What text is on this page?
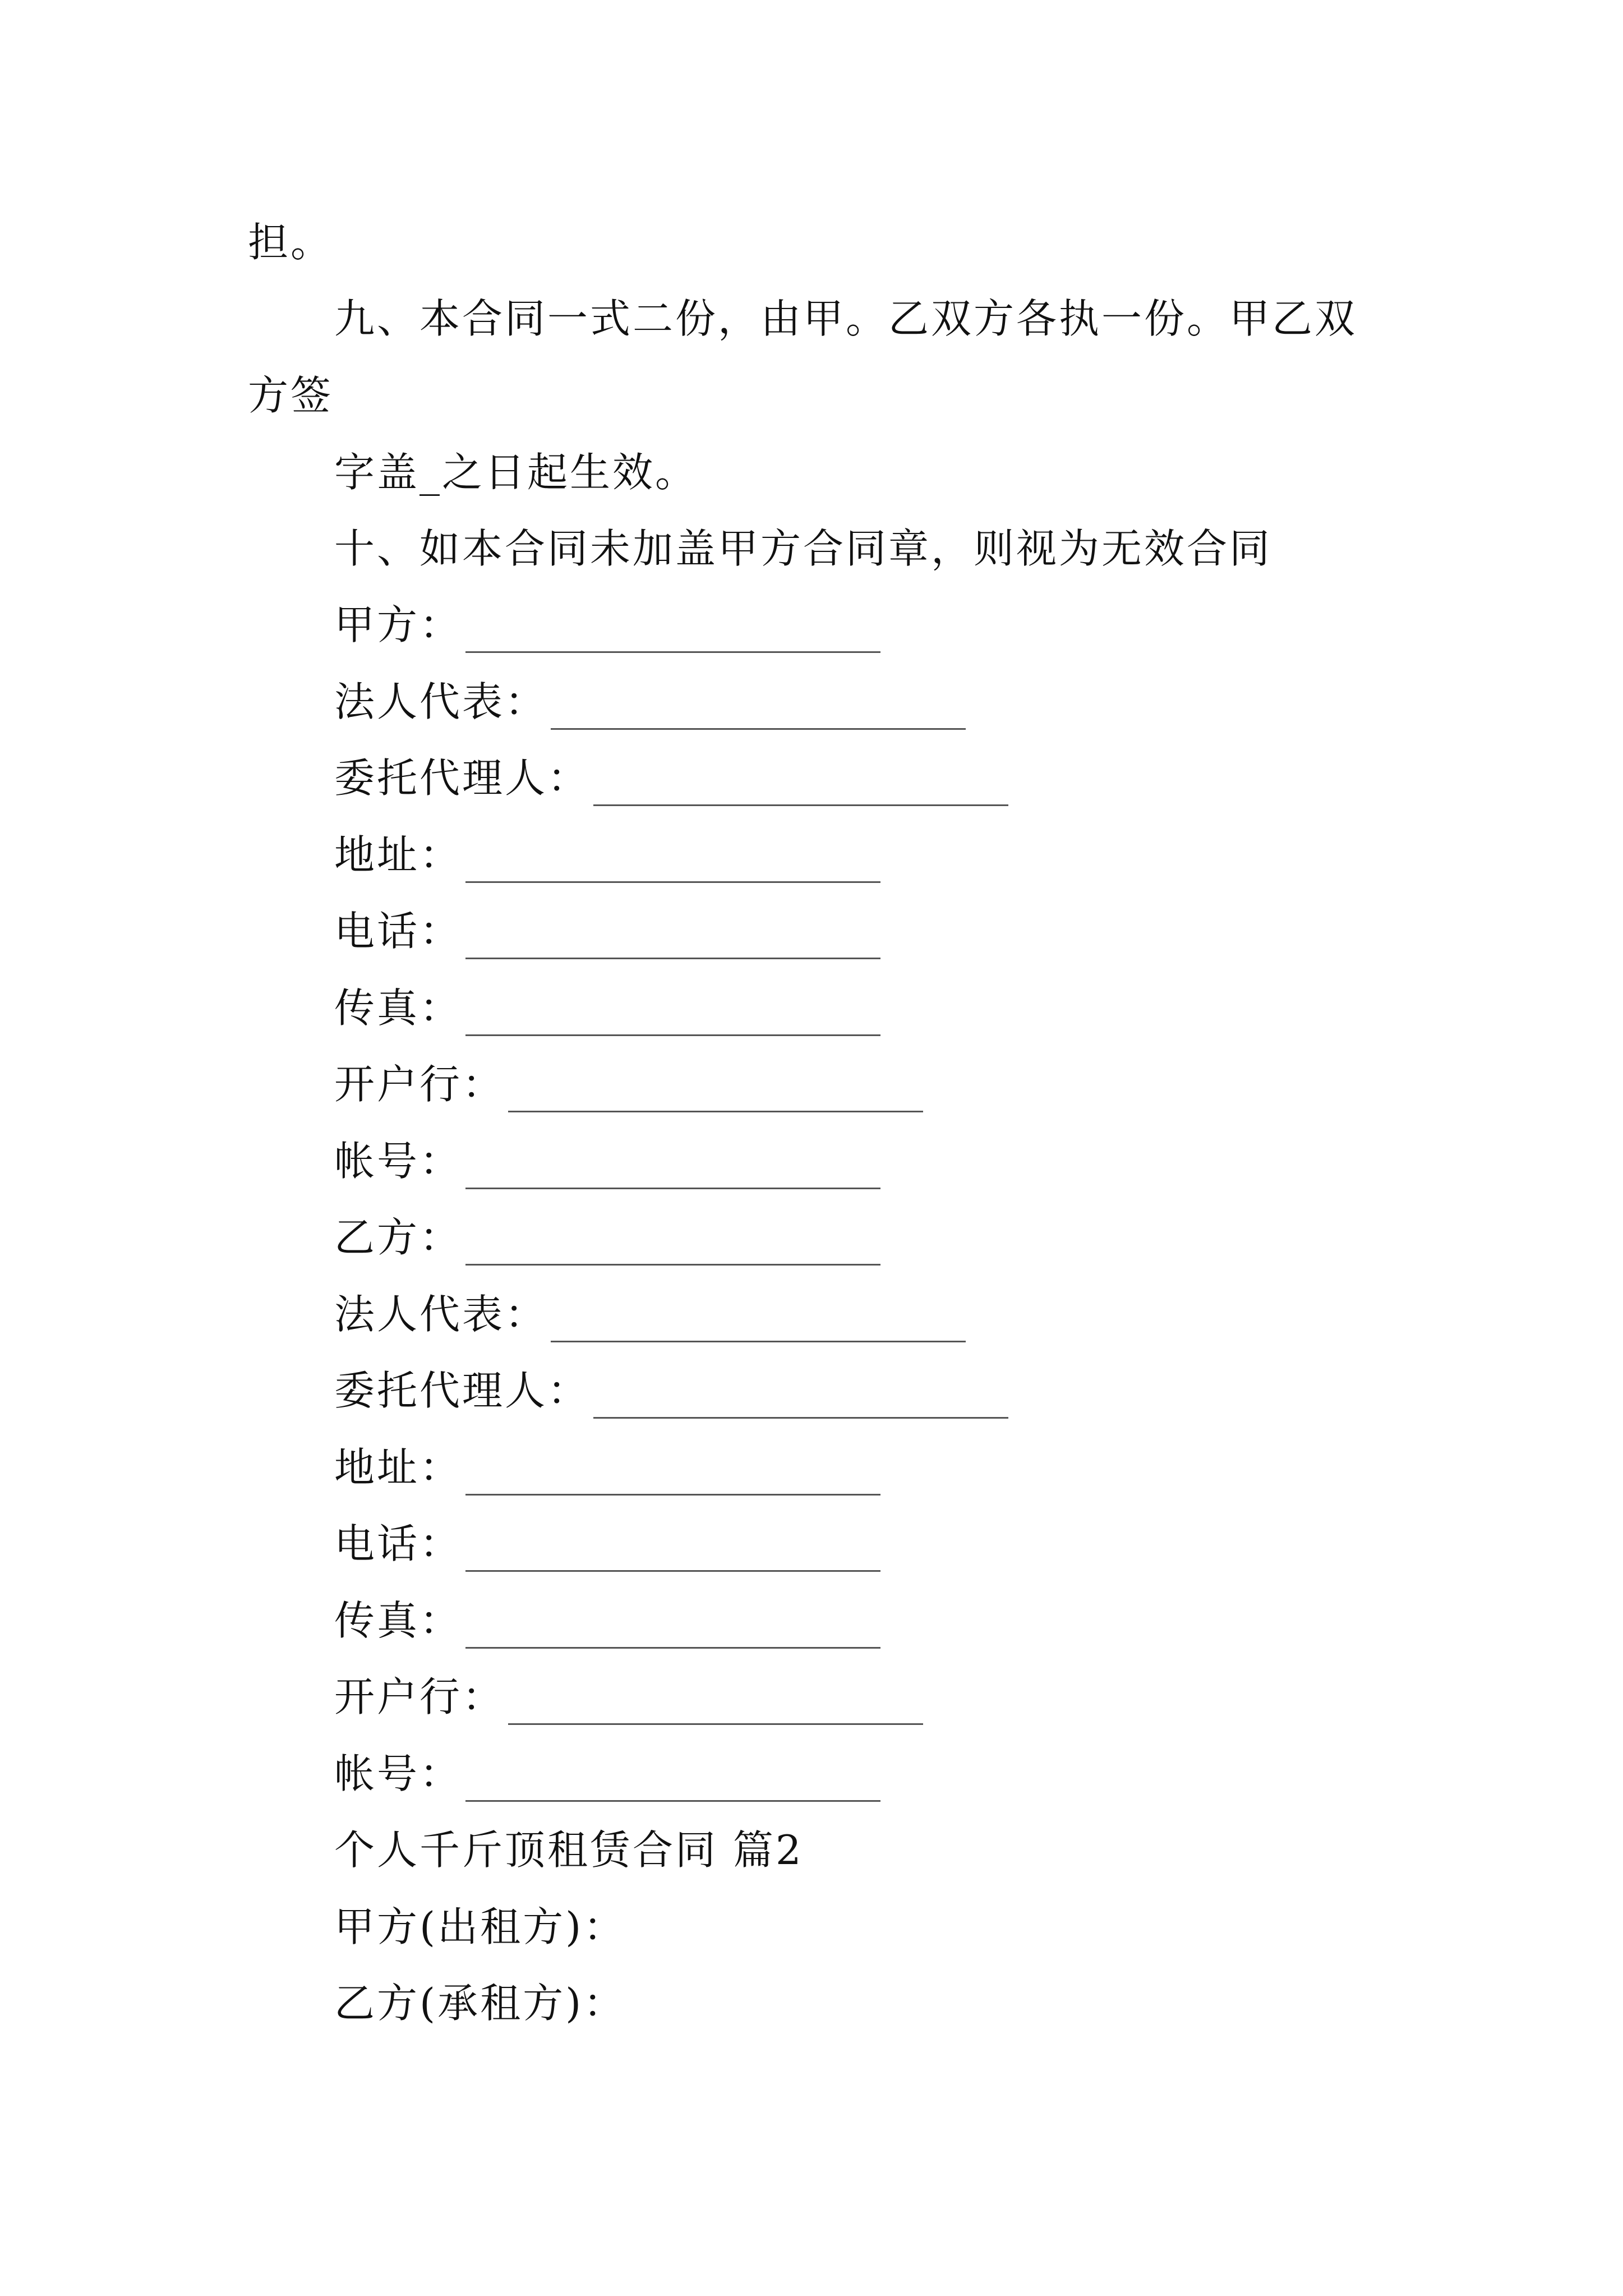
担。
九、本合同一式二份，由甲。乙双方各执一份。甲乙双
方签
字盖_之日起生效。
十、如本合同未加盖甲方合同章，则视为无效合同
甲方：
法人代表：
委托代理人：
地址：
电话：
传真：
开户行：
帐号：
乙方：
法人代表：
委托代理人：
地址：
电话：
传真：
开户行：
帐号：
个人千斤顶租赁合同 篇2
甲方(出租方)：
乙方(承租方)：
